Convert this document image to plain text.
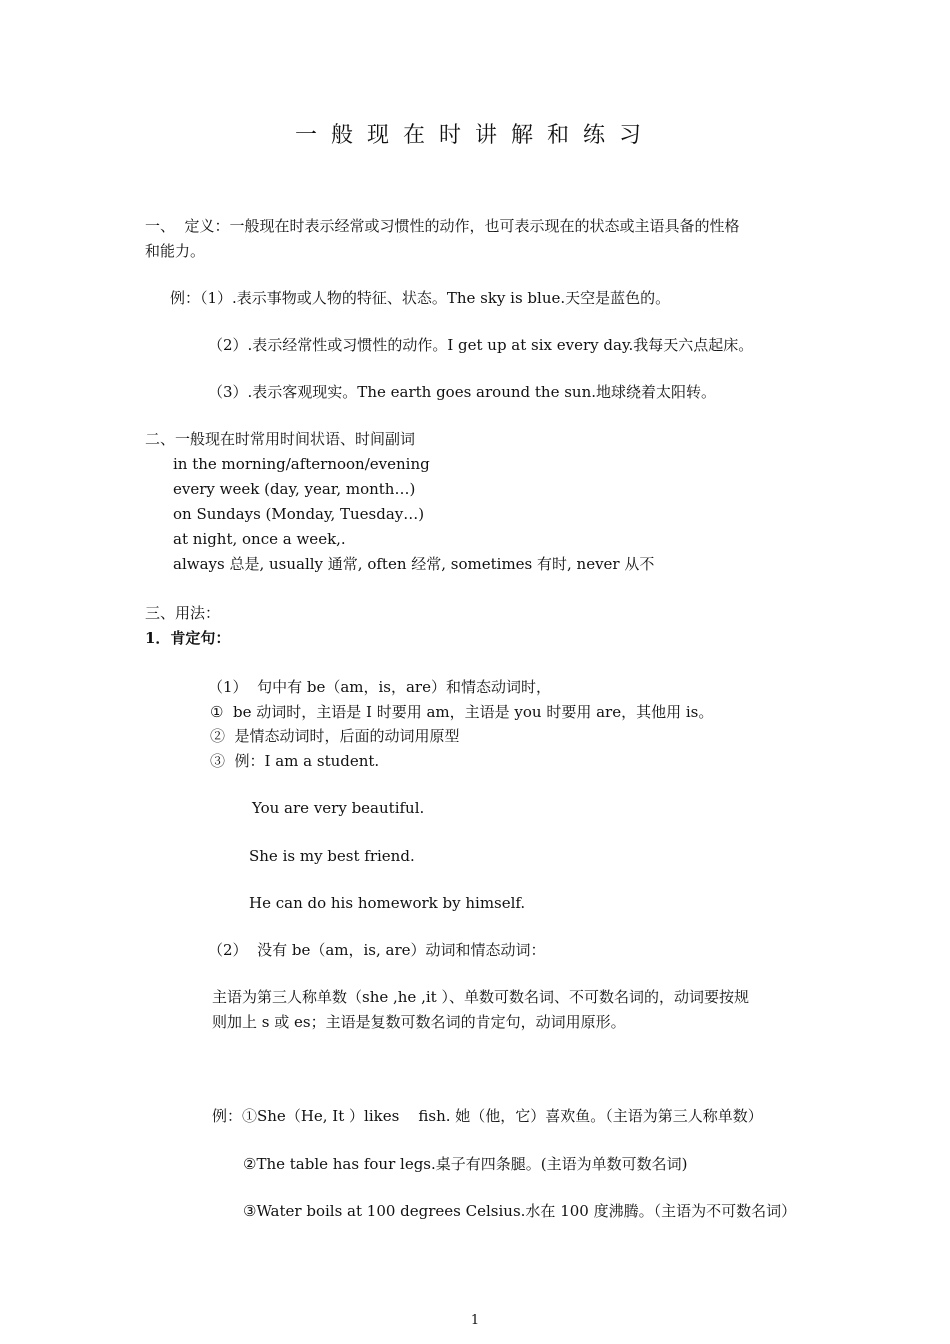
一般现在时讲解和练习
一、  定义：一般现在时表示经常或习惯性的动作，也可表示现在的状态或主语具备的性格
和能力。
例：（1）.表示事物或人物的特征、状态。The sky is blue.天空是蓝色的。
（2）.表示经常性或习惯性的动作。I get up at six every day.我每天六点起床。
（3）.表示客观现实。The earth goes around the sun.地球绕着太阳转。
二、一般现在时常用时间状语、时间副词
in the morning/afternoon/evening
every week (day, year, month…)
on Sundays (Monday, Tuesday…)
at night, once a week,.
always 总是, usually 通常, often 经常, sometimes 有时, never 从不
三、用法：
1．肯定句：
（1）  句中有 be（am，is，are）和情态动词时，
①  be 动词时，主语是 I 时要用 am，主语是 you 时要用 are，其他用 is。
②  是情态动词时，后面的动词用原型
③  例：I am a student.
You are very beautiful.
She is my best friend.
He can do his homework by himself.
（2）  没有 be（am，is, are）动词和情态动词：
主语为第三人称单数（she ,he ,it ）、单数可数名词、不可数名词的，动词要按规
则加上 s 或 es；主语是复数可数名词的肯定句，动词用原形。
例：①She（He, It ）likes    fish. 她（他，它）喜欢鱼。（主语为第三人称单数）
②The table has four legs.桌子有四条腿。(主语为单数可数名词)
③Water boils at 100 degrees Celsius.水在 100 度沸腾。（主语为不可数名词）
1
